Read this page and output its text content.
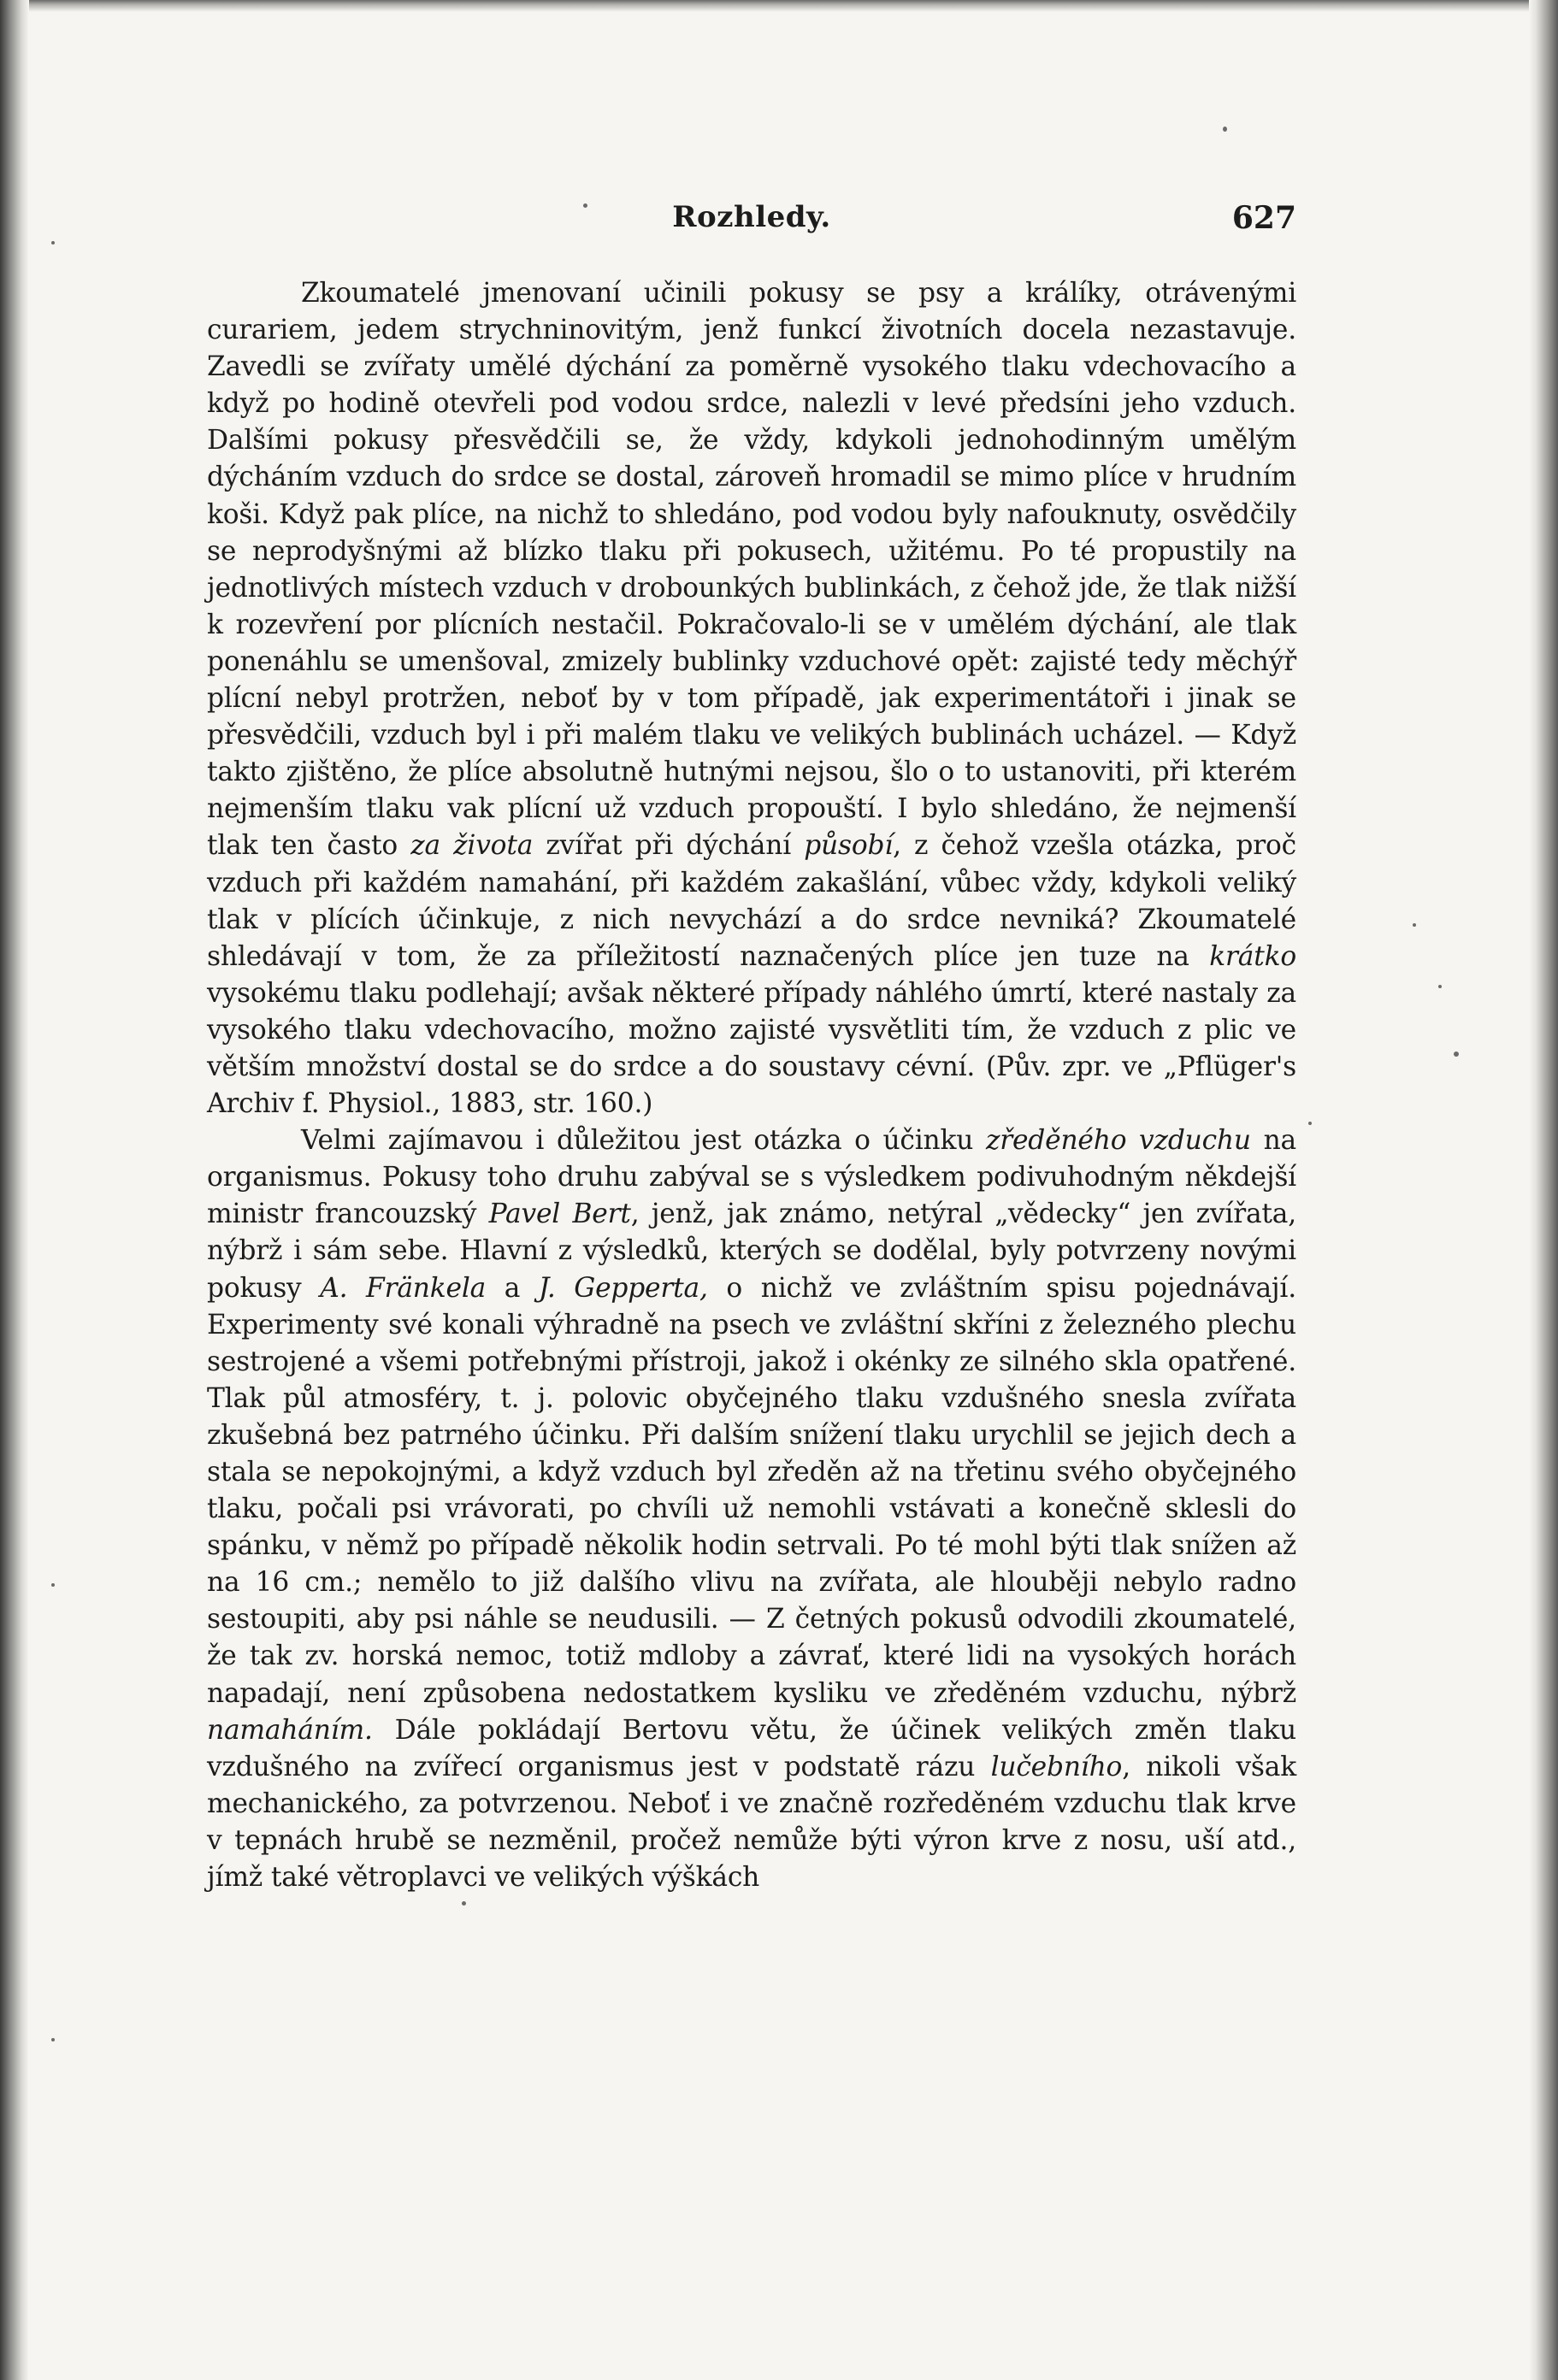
Rozhledy.	627

Zkoumatelé jmenovaní učinili pokusy se psy a králíky, otrávenými curariem, jedem strychninovitým, jenž funkcí životních docela nezastavuje. Zavedli se zvířaty umělé dýchání za poměrně vysokého tlaku vdechovacího a když po hodině otevřeli pod vodou srdce, nalezli v levé předsíni jeho vzduch. Dalšími pokusy přesvědčili se, že vždy, kdykoli jednohodinným umělým dýcháním vzduch do srdce se dostal, zároveň hromadil se mimo plíce v hrudním koši. Když pak plíce, na nichž to shledáno, pod vodou byly nafouknuty, osvědčily se neprodyšnými až blízko tlaku při pokusech, užitému. Po té propustily na jednotlivých místech vzduch v drobounkých bublinkách, z čehož jde, že tlak nižší k rozevření por plícních nestačil. Pokračovalo-li se v umělém dýchání, ale tlak ponenáhlu se umenšoval, zmizely bublinky vzduchové opět: zajisté tedy měchýř plícní nebyl protržen, neboť by v tom případě, jak experimentátoři i jinak se přesvědčili, vzduch byl i při malém tlaku ve velikých bublinách ucházel. — Když takto zjištěno, že plíce absolutně hutnými nejsou, šlo o to ustanoviti, při kterém nejmenším tlaku vak plícní už vzduch propouští. I bylo shledáno, že nejmenší tlak ten často za života zvířat při dýchání působí, z čehož vzešla otázka, proč vzduch při každém namahání, při každém zakašlání, vůbec vždy, kdykoli veliký tlak v plících účinkuje, z nich nevychází a do srdce nevniká? Zkoumatelé shledávají v tom, že za příležitostí naznačených plíce jen tuze na krátko vysokému tlaku podlehají; avšak některé případy náhlého úmrtí, které nastaly za vysokého tlaku vdechovacího, možno zajisté vysvětliti tím, že vzduch z plic ve větším množství dostal se do srdce a do soustavy cévní. (Pův. zpr. ve „Pflüger's Archiv f. Physiol., 1883, str. 160.)

Velmi zajímavou i důležitou jest otázka o účinku zředěného vzduchu na organismus. Pokusy toho druhu zabýval se s výsledkem podivuhodným někdejší ministr francouzský Pavel Bert, jenž, jak známo, netýral „vědecky“ jen zvířata, nýbrž i sám sebe. Hlavní z výsledků, kterých se dodělal, byly potvrzeny novými pokusy A. Fränkela a J. Gepperta, o nichž ve zvláštním spisu pojednávají. Experimenty své konali výhradně na psech ve zvláštní skříni z železného plechu sestrojené a všemi potřebnými přístroji, jakož i okénky ze silného skla opatřené. Tlak půl atmosféry, t. j. polovic obyčejného tlaku vzdušného snesla zvířata zkušebná bez patrného účinku. Při dalším snížení tlaku urychlil se jejich dech a stala se nepokojnými, a když vzduch byl zředěn až na třetinu svého obyčejného tlaku, počali psi vrávorati, po chvíli už nemohli vstávati a konečně sklesli do spánku, v němž po případě několik hodin setrvali. Po té mohl býti tlak snížen až na 16 cm.; nemělo to již dalšího vlivu na zvířata, ale hlouběji nebylo radno sestoupiti, aby psi náhle se neudusili. — Z četných pokusů odvodili zkoumatelé, že tak zv. horská nemoc, totiž mdloby a závrať, které lidi na vysokých horách napadají, není způsobena nedostatkem kysliku ve zředěném vzduchu, nýbrž namaháním. Dále pokládají Bertovu větu, že účinek velikých změn tlaku vzdušného na zvířecí organismus jest v podstatě rázu lučebního, nikoli však mechanického, za potvrzenou. Neboť i ve značně rozředěném vzduchu tlak krve v tepnách hrubě se nezměnil, pročež nemůže býti výron krve z nosu, uší atd., jímž také větroplavci ve velikých výškách
